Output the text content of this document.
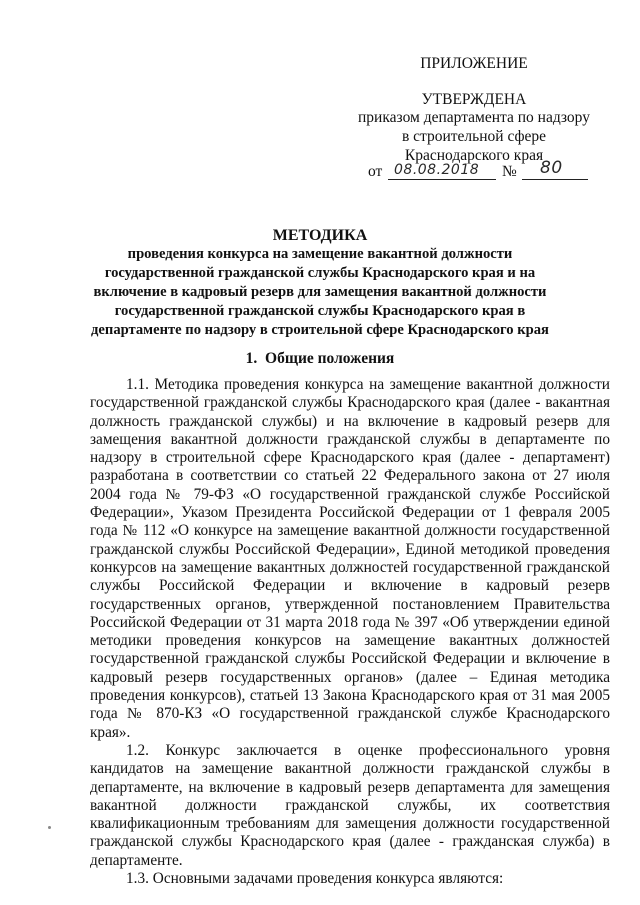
ПРИЛОЖЕНИЕ
УТВЕРЖДЕНА
приказом департамента по надзору в строительной сфере Краснодарского края
от 08.08.2018 № 80
МЕТОДИКА
проведения конкурса на замещение вакантной должности государственной гражданской службы Краснодарского края и на включение в кадровый резерв для замещения вакантной должности государственной гражданской службы Краснодарского края в департаменте по надзору в строительной сфере Краснодарского края
1. Общие положения

1.1. Методика проведения конкурса на замещение вакантной должности государственной гражданской службы Краснодарского края (далее - вакантная должность гражданской службы) и на включение в кадровый резерв для замещения вакантной должности гражданской службы в департаменте по надзору в строительной сфере Краснодарского края (далее - департамент) разработана в соответствии со статьей 22 Федерального закона от 27 июля 2004 года № 79-ФЗ «О государственной гражданской службе Российской Федерации», Указом Президента Российской Федерации от 1 февраля 2005 года № 112 «О конкурсе на замещение вакантной должности государственной гражданской службы Российской Федерации», Единой методикой проведения конкурсов на замещение вакантных должностей государственной гражданской службы Российской Федерации и включение в кадровый резерв государственных органов, утвержденной постановлением Правительства Российской Федерации от 31 марта 2018 года № 397 «Об утверждении единой методики проведения конкурсов на замещение вакантных должностей государственной гражданской службы Российской Федерации и включение в кадровый резерв государственных органов» (далее – Единая методика проведения конкурсов), статьей 13 Закона Краснодарского края от 31 мая 2005 года № 870-КЗ «О государственной гражданской службе Краснодарского края».

1.2. Конкурс заключается в оценке профессионального уровня кандидатов на замещение вакантной должности гражданской службы в департаменте, на включение в кадровый резерв департамента для замещения вакантной должности гражданской службы, их соответствия квалификационным требованиям для замещения должности государственной гражданской службы Краснодарского края (далее - гражданская служба) в департаменте.

1.3. Основными задачами проведения конкурса являются:
